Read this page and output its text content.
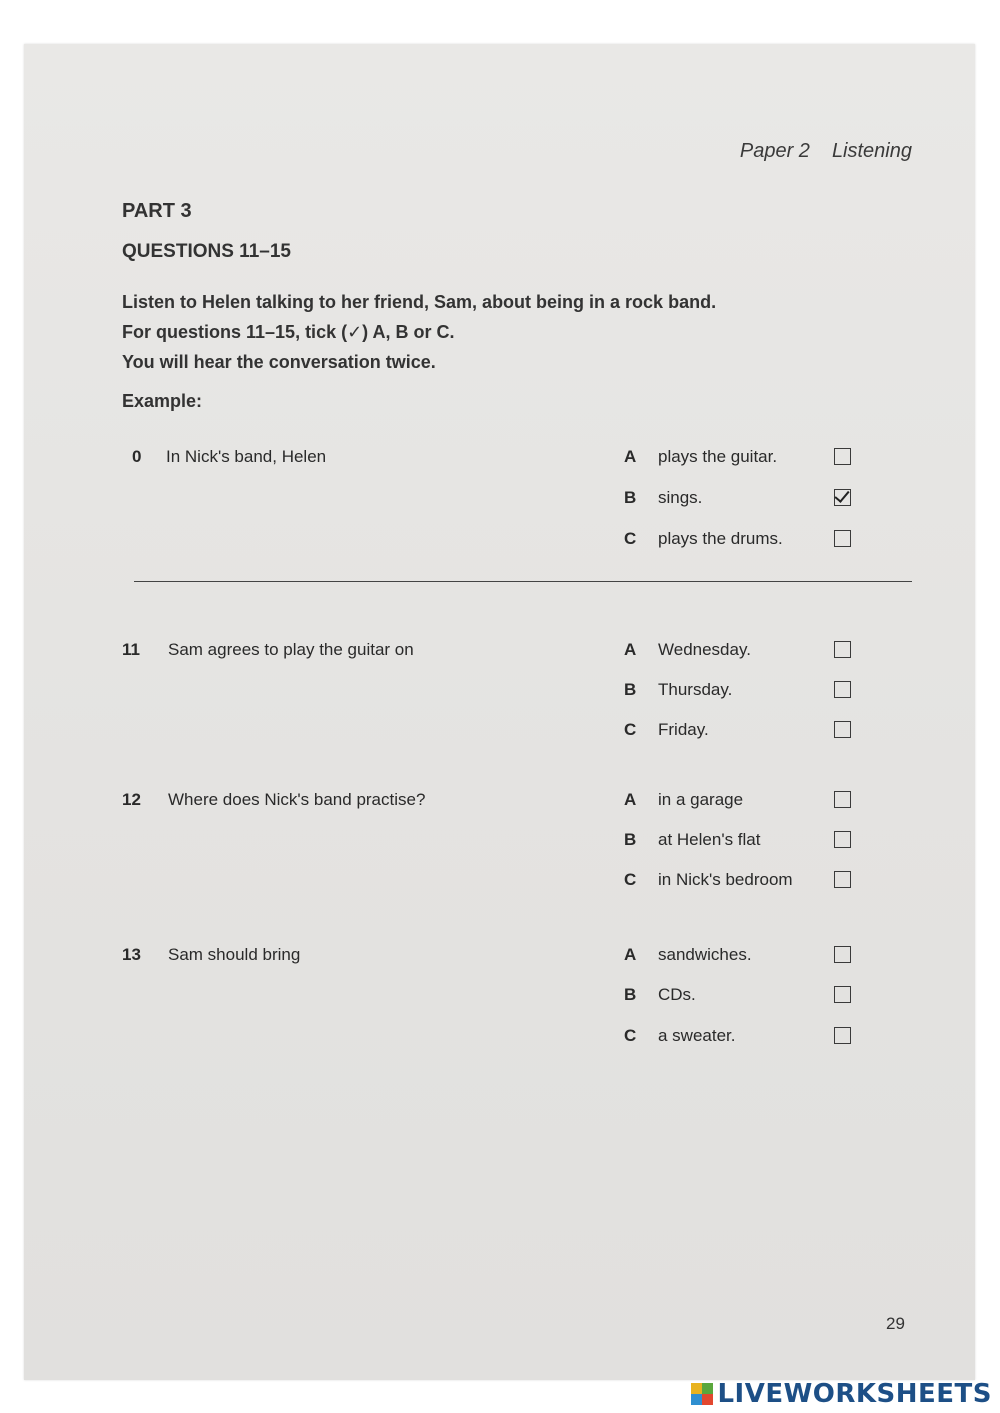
Paper 2 Listening
PART 3
QUESTIONS 11–15
Listen to Helen talking to her friend, Sam, about being in a rock band.
For questions 11–15, tick (✓) A, B or C.
You will hear the conversation twice.
Example:
0	In Nick's band, Helen	A plays the guitar.
B sings.
C plays the drums.
11	Sam agrees to play the guitar on	A Wednesday.
B Thursday.
C Friday.
12	Where does Nick's band practise?	A in a garage
B at Helen's flat
C in Nick's bedroom
13	Sam should bring	A sandwiches.
B CDs.
C a sweater.
29
LIVEWORKSHEETS
